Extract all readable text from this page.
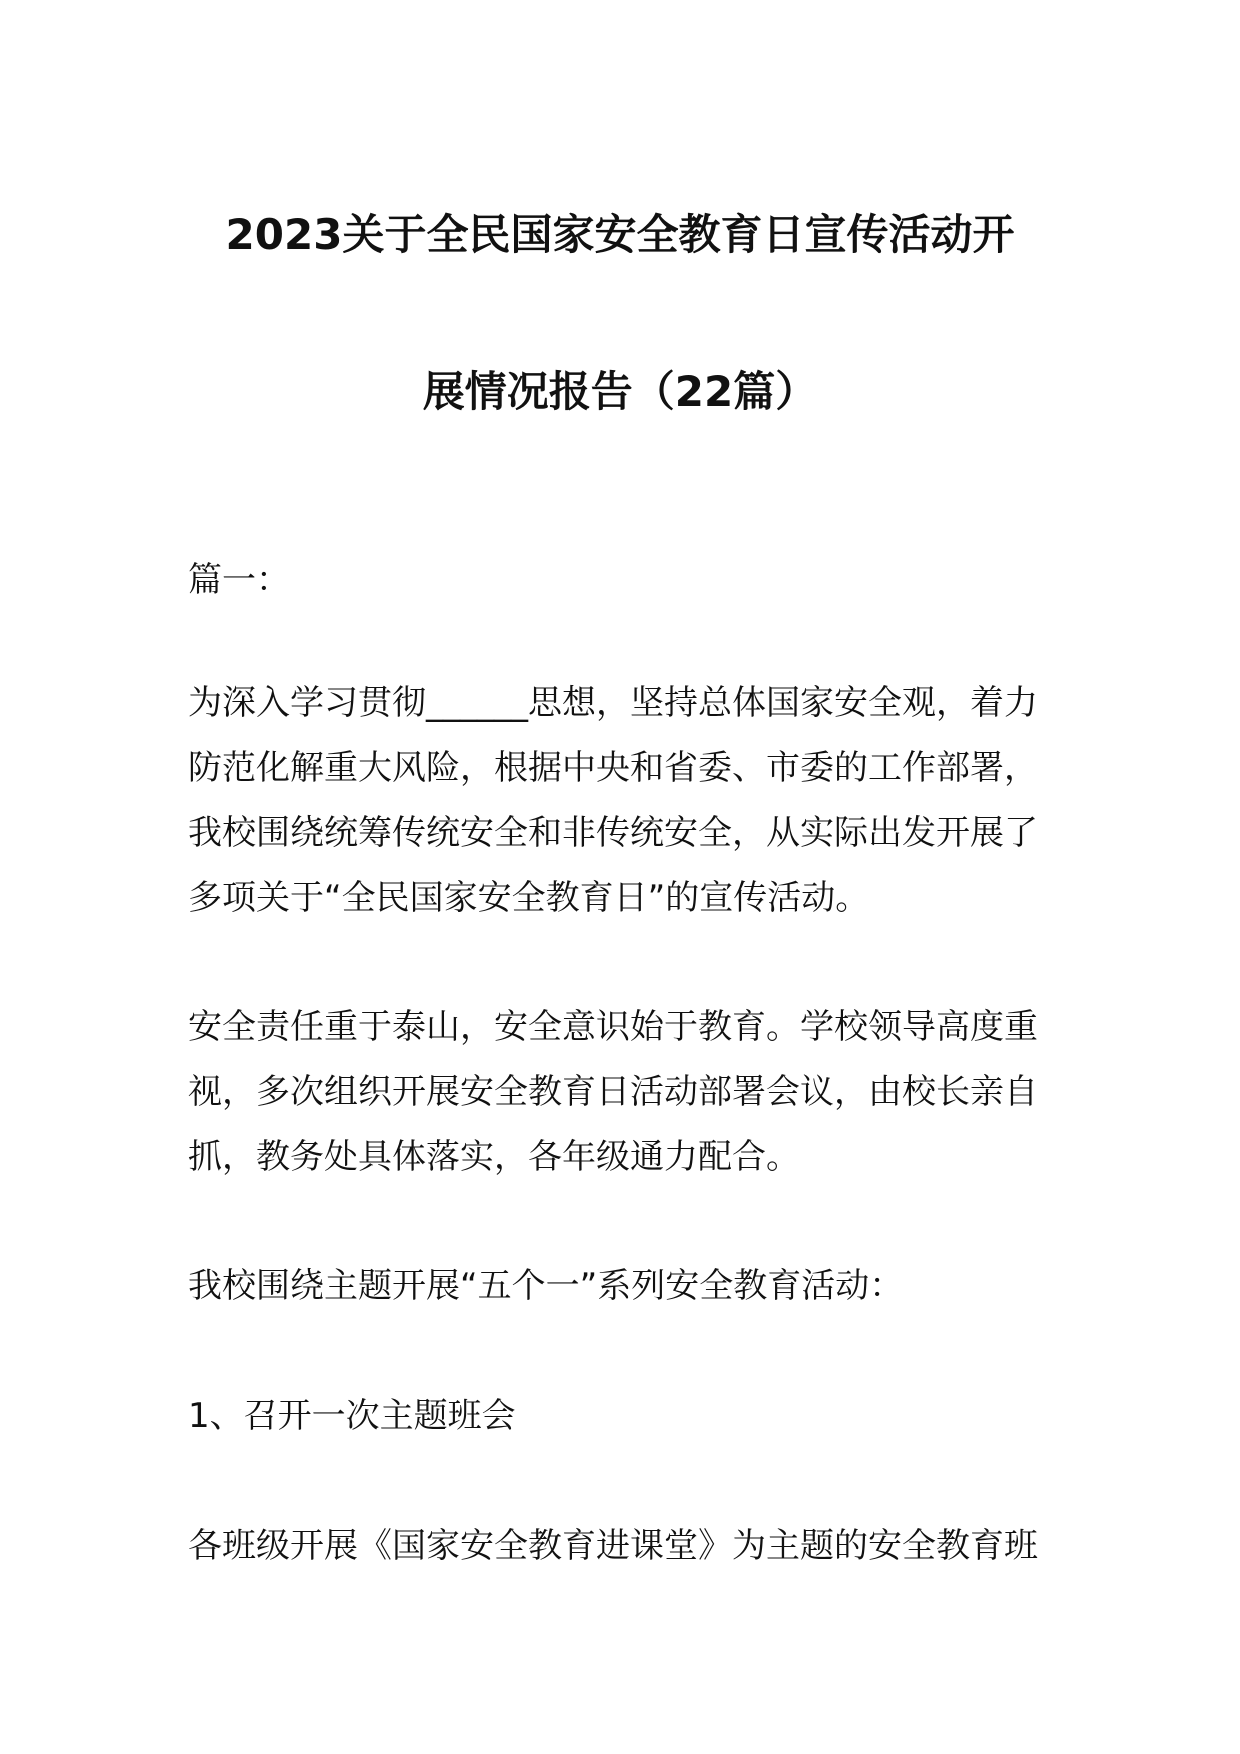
2023关于全民国家安全教育日宣传活动开
展情况报告（22篇）
篇一：
为深入学习贯彻______思想，坚持总体国家安全观，着力
防范化解重大风险，根据中央和省委、市委的工作部署，
我校围绕统筹传统安全和非传统安全，从实际出发开展了
多项关于“全民国家安全教育日”的宣传活动。
安全责任重于泰山，安全意识始于教育。学校领导高度重
视，多次组织开展安全教育日活动部署会议，由校长亲自
抓，教务处具体落实，各年级通力配合。
我校围绕主题开展“五个一”系列安全教育活动：
1、召开一次主题班会
各班级开展《国家安全教育进课堂》为主题的安全教育班
